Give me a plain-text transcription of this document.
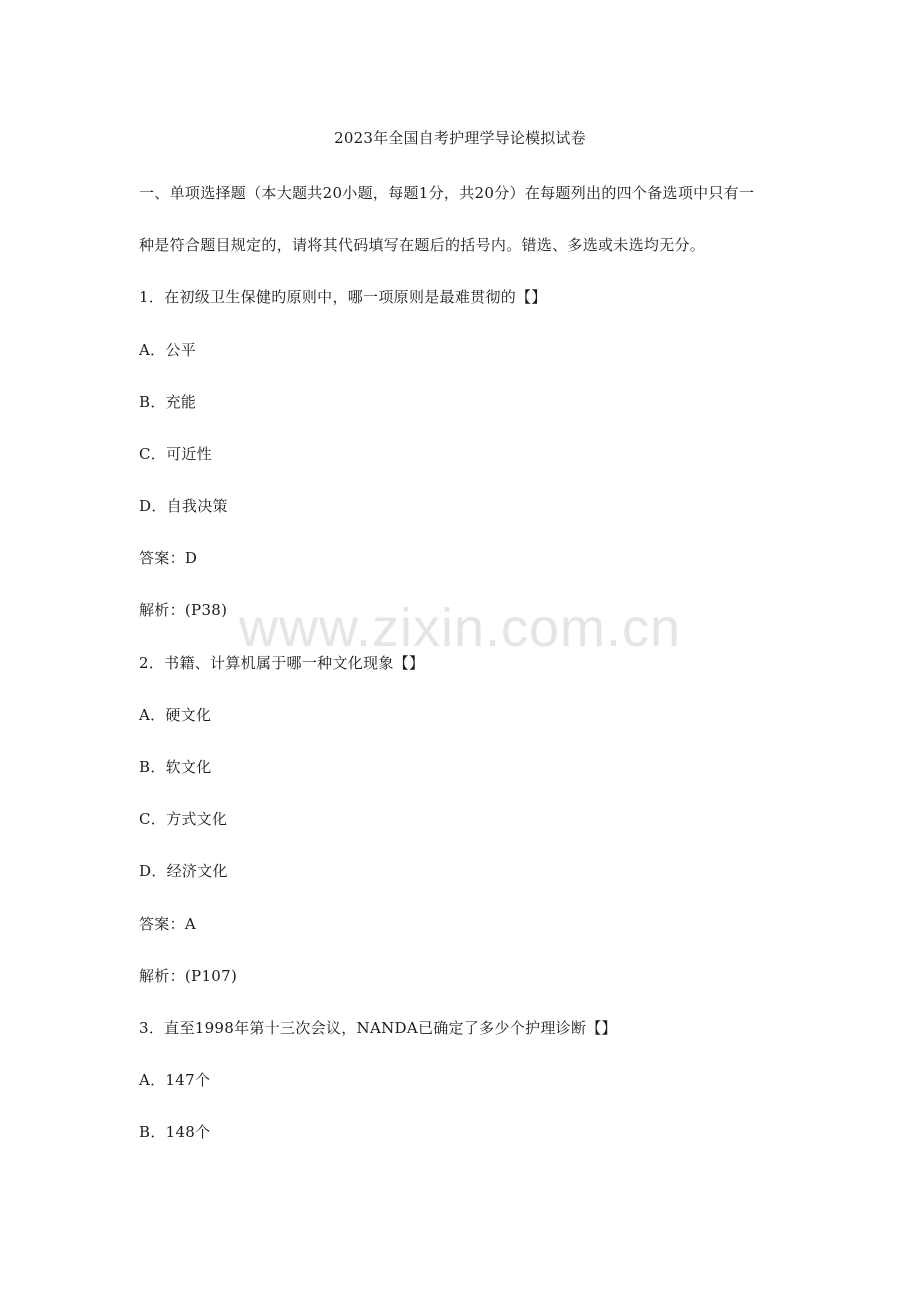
2023年全国自考护理学导论模拟试卷
一、单项选择题（本大题共20小题，每题1分，共20分）在每题列出的四个备选项中只有一
种是符合题目规定的，请将其代码填写在题后的括号内。错选、多选或未选均无分。
1．在初级卫生保健旳原则中，哪一项原则是最难贯彻的【】
A．公平
B．充能
C．可近性
D．自我决策
答案：D
解析：(P38)
2．书籍、计算机属于哪一种文化现象【】
A．硬文化
B．软文化
C．方式文化
D．经济文化
答案：A
解析：(P107)
3．直至1998年第十三次会议，NANDA已确定了多少个护理诊断【】
A．147个
B．148个
www.zixin.com.cn
